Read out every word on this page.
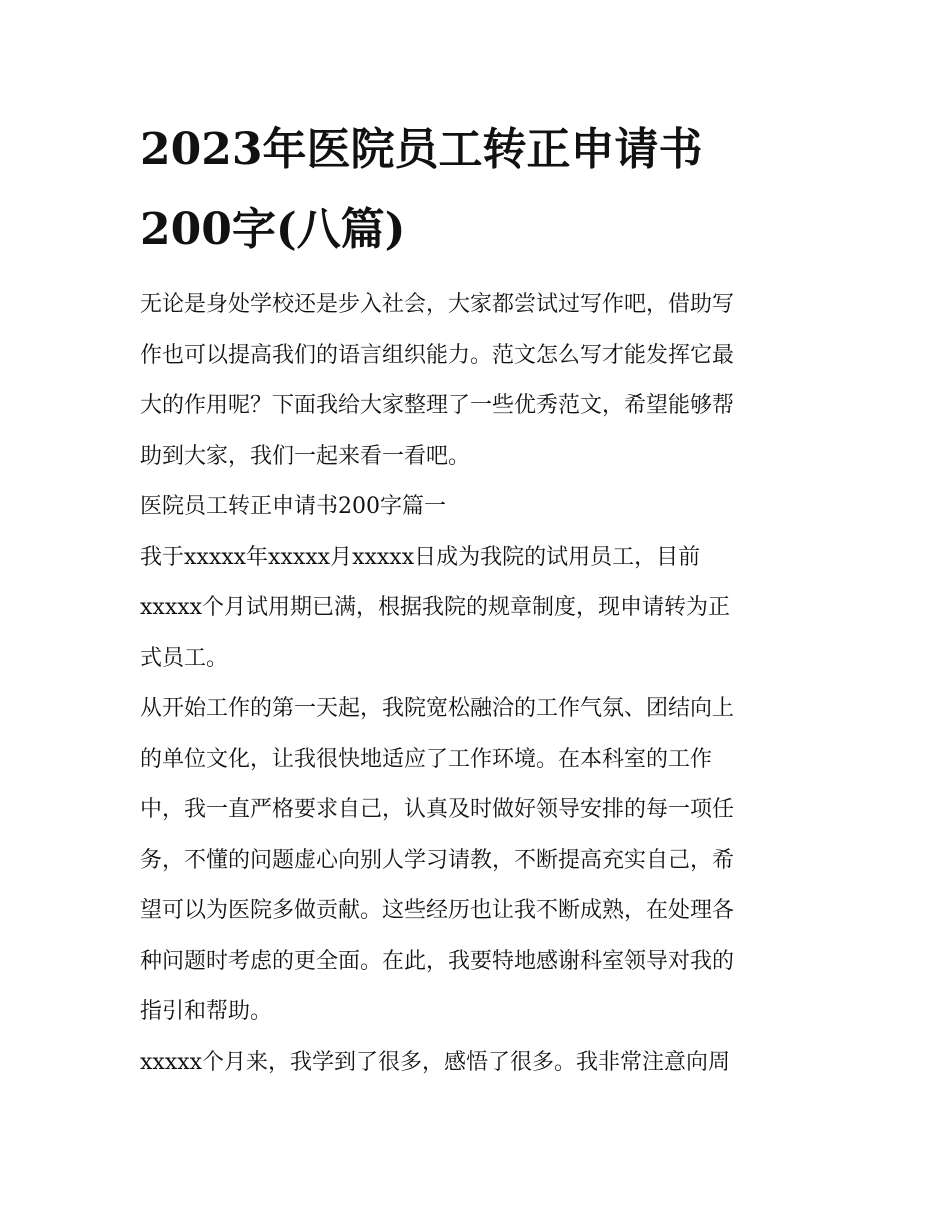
2023年医院员工转正申请书
200字(八篇)

无论是身处学校还是步入社会，大家都尝试过写作吧，借助写
作也可以提高我们的语言组织能力。范文怎么写才能发挥它最
大的作用呢？下面我给大家整理了一些优秀范文，希望能够帮
助到大家，我们一起来看一看吧。

医院员工转正申请书200字篇一

我于xxxxx年xxxxx月xxxxx日成为我院的试用员工，目前
xxxxx个月试用期已满，根据我院的规章制度，现申请转为正
式员工。

从开始工作的第一天起，我院宽松融洽的工作气氛、团结向上
的单位文化，让我很快地适应了工作环境。在本科室的工作
中，我一直严格要求自己，认真及时做好领导安排的每一项任
务，不懂的问题虚心向别人学习请教，不断提高充实自己，希
望可以为医院多做贡献。这些经历也让我不断成熟，在处理各
种问题时考虑的更全面。在此，我要特地感谢科室领导对我的
指引和帮助。

xxxxx个月来，我学到了很多，感悟了很多。我非常注意向周
